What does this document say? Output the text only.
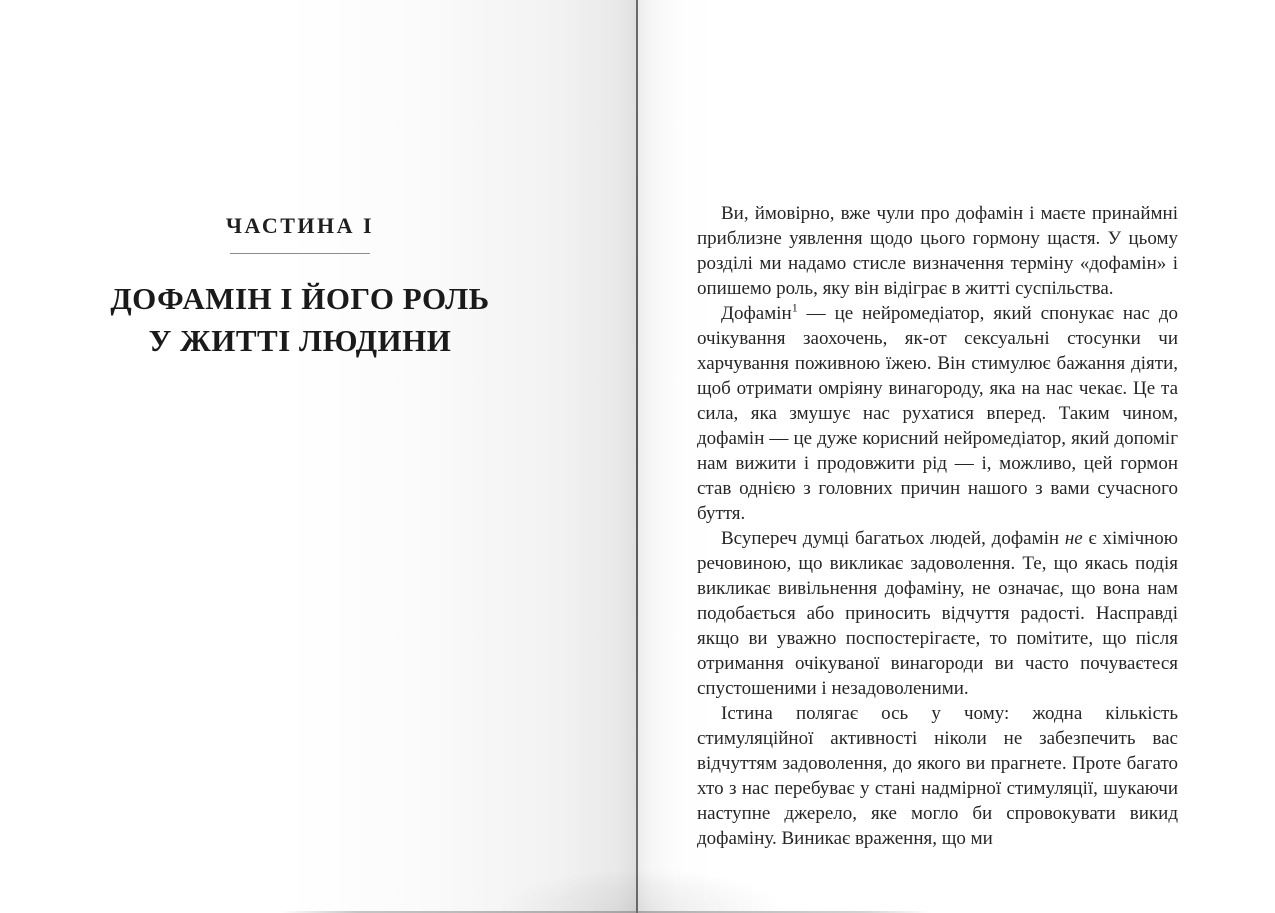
ЧАСТИНА I
ДОФАМІН І ЙОГО РОЛЬ
У ЖИТТІ ЛЮДИНИ

Ви, ймовірно, вже чули про дофамін і маєте принаймні приблизне уявлення щодо цього гормону щастя. У цьому розділі ми надамо стисле визначення терміну «дофамін» і опишемо роль, яку він відіграє в житті суспільства.

Дофамін$^1$ — це нейромедіатор, який спонукає нас до очікування заохочень, як-от сексуальні стосунки чи харчування поживною їжею. Він стимулює бажання діяти, щоб отримати омріяну винагороду, яка на нас чекає. Це та сила, яка змушує нас рухатися вперед. Таким чином, дофамін — це дуже корисний нейромедіатор, який допоміг нам вижити і продовжити рід — і, можливо, цей гормон став однією з головних причин нашого з вами сучасного буття.

Всупереч думці багатьох людей, дофамін не є хімічною речовиною, що викликає задоволення. Те, що якась подія викликає вивільнення дофаміну, не означає, що вона нам подобається або приносить відчуття радості. Насправді якщо ви уважно поспостерігаєте, то помітите, що після отримання очікуваної винагороди ви часто почуваєтеся спустошеними і незадоволеними.

Істина полягає ось у чому: жодна кількість стимуляційної активності ніколи не забезпечить вас відчуттям задоволення, до якого ви прагнете. Проте багато хто з нас перебуває у стані надмірної стимуляції, шукаючи наступне джерело, яке могло би спровокувати викид дофаміну. Виникає враження, що ми
